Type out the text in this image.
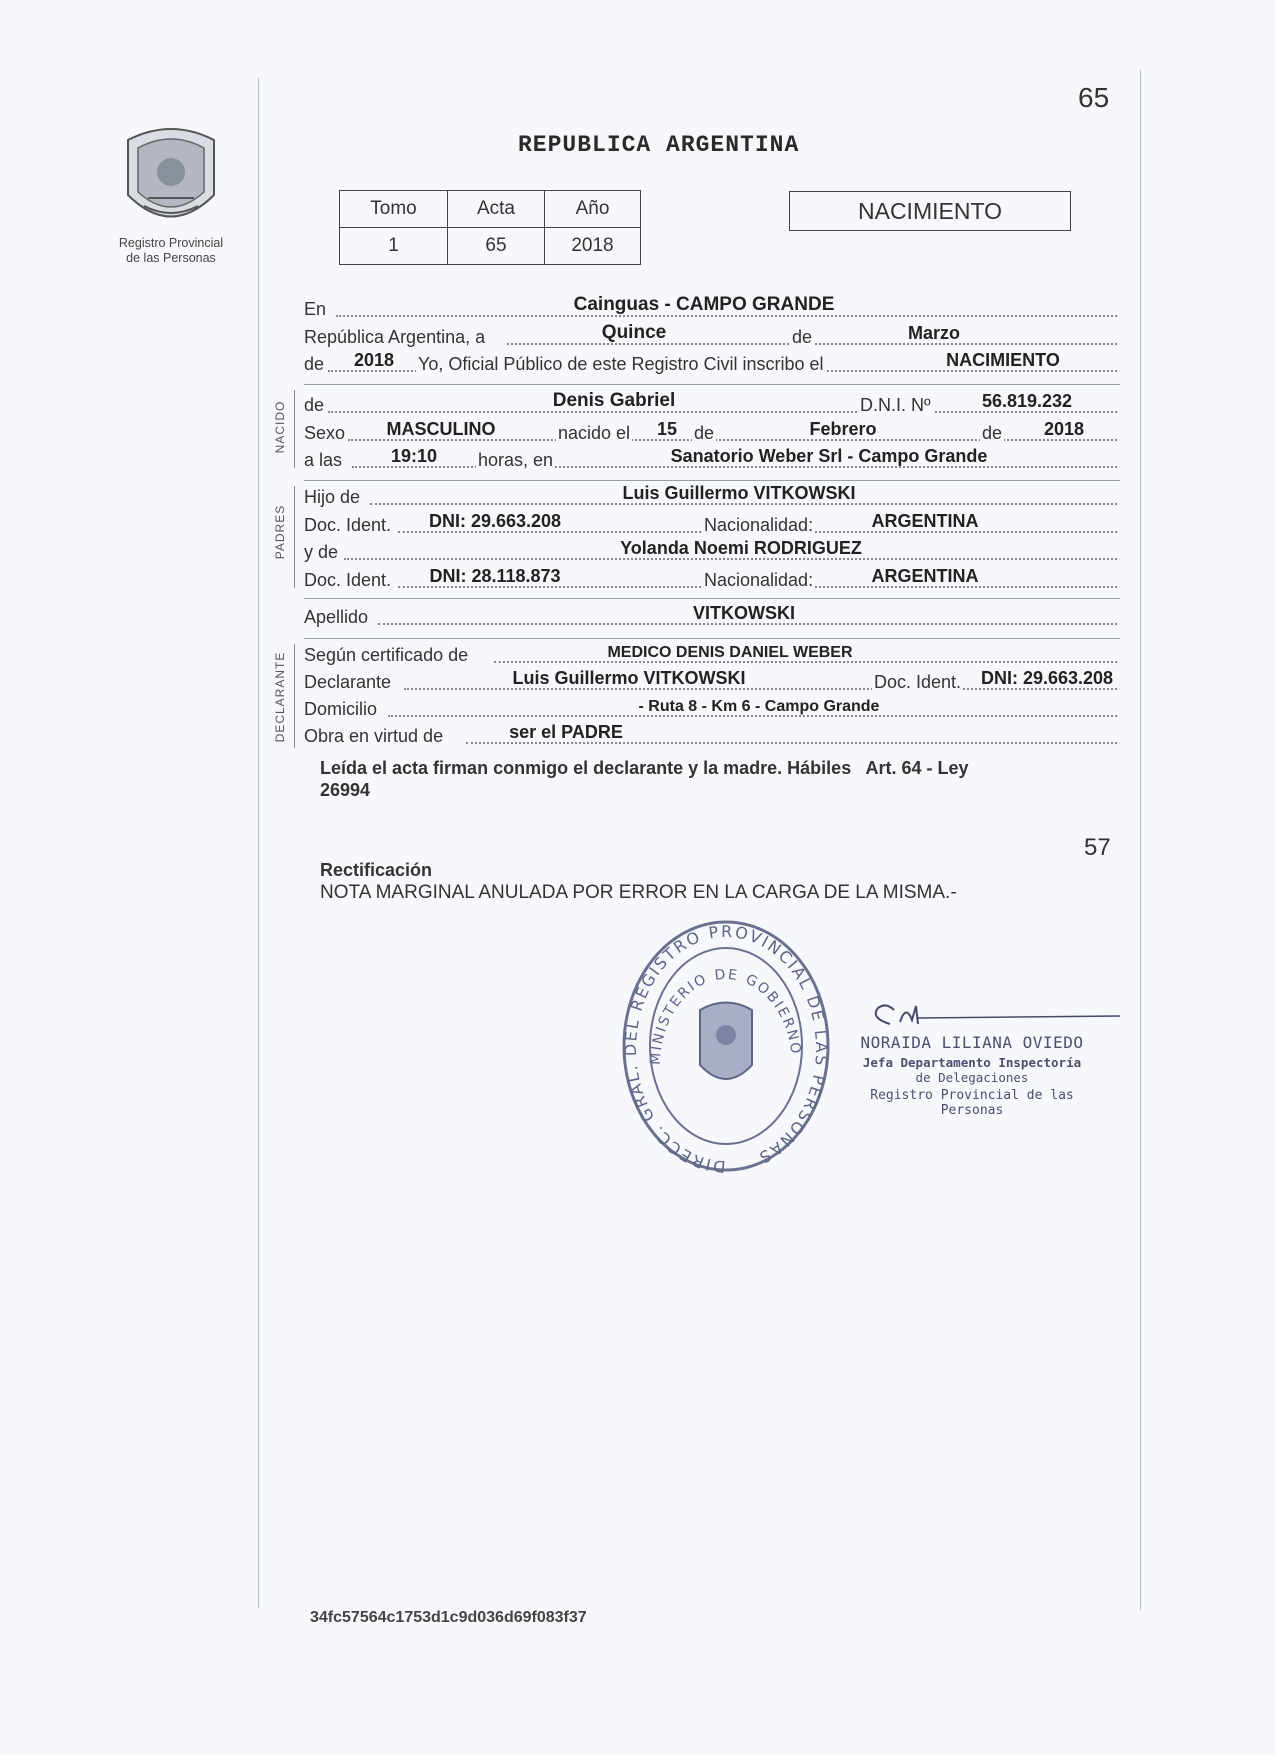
Registro Provincial
de las Personas
65
REPUBLICA ARGENTINA
Tomo	Acta	Año
1	65	2018
NACIMIENTO
En	Cainguas - CAMPO GRANDE
República Argentina, a	Quince	de	Marzo
de	2018	Yo, Oficial Público de este Registro Civil inscribo el	NACIMIENTO
NACIDO de	Denis Gabriel	D.N.I. Nº	56.819.232
Sexo	MASCULINO	nacido el 15 de	Febrero	de	2018
a las	19:10	horas, en	Sanatorio Weber Srl - Campo Grande
PADRES
Hijo de	Luis Guillermo VITKOWSKI
Doc. Ident.	DNI: 29.663.208	Nacionalidad:	ARGENTINA
y de	Yolanda Noemi RODRIGUEZ
Doc. Ident.	DNI: 28.118.873	Nacionalidad:	ARGENTINA
Apellido	VITKOWSKI
DECLARANTE Según certificado de	MEDICO DENIS DANIEL WEBER
Declarante	Luis Guillermo VITKOWSKI	Doc. Ident.	DNI: 29.663.208
Domicilio	- Ruta 8 - Km 6 - Campo Grande
Obra en virtud de	ser el PADRE
Leída el acta firman conmigo el declarante y la madre. Hábiles   Art. 64 - Ley
26994
57
Rectificación
NOTA MARGINAL ANULADA POR ERROR EN LA CARGA DE LA MISMA.-
DIRECC. GRAL. DEL REGISTRO PROVINCIAL DE LAS PERSONAS
MINISTERIO DE GOBIERNO	NORAIDA LILIANA OVIEDO
Jefa Departamento Inspectoría
de Delegaciones
Registro Provincial de las Personas
34fc57564c1753d1c9d036d69f083f37
